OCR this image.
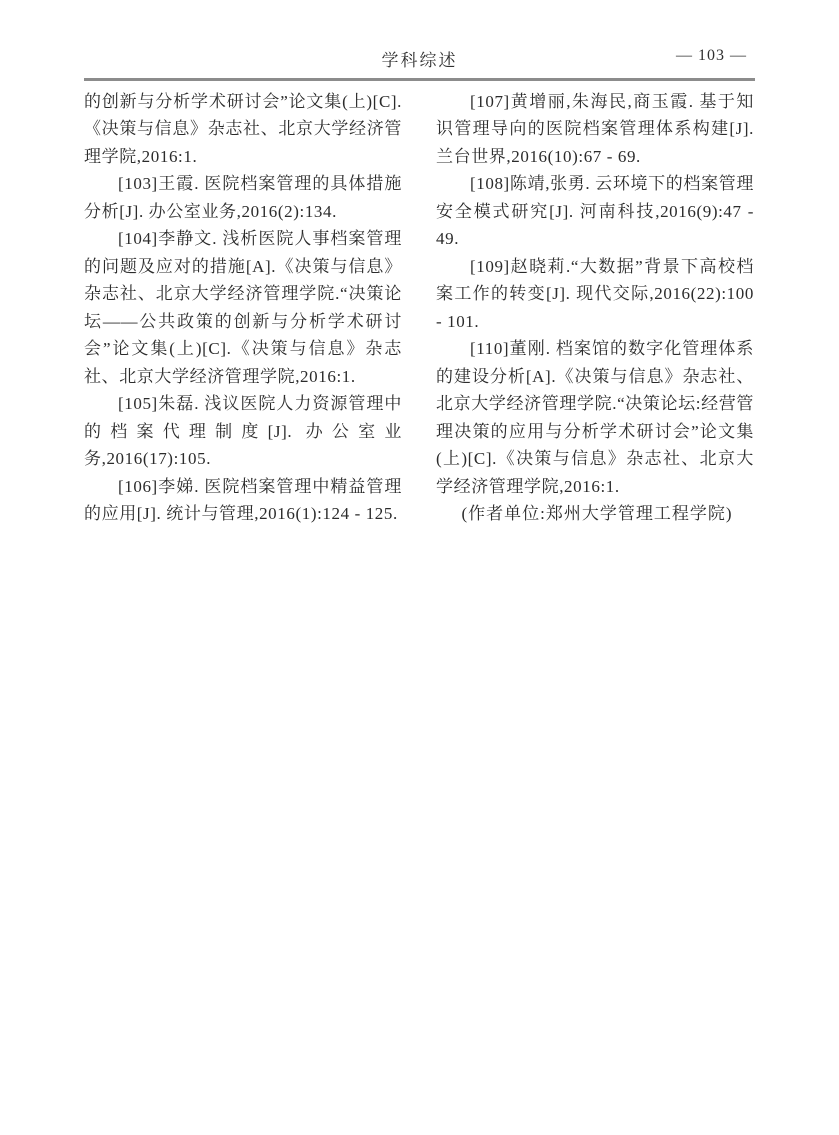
学科综述	— 103 —

的创新与分析学术研讨会”论文集(上)[C].《决策与信息》杂志社、北京大学经济管理学院,2016:1.

[103]王霞. 医院档案管理的具体措施分析[J]. 办公室业务,2016(2):134.

[104]李静文. 浅析医院人事档案管理的问题及应对的措施[A].《决策与信息》杂志社、北京大学经济管理学院.“决策论坛——公共政策的创新与分析学术研讨会”论文集(上)[C].《决策与信息》杂志社、北京大学经济管理学院,2016:1.

[105]朱磊. 浅议医院人力资源管理中的档案代理制度[J]. 办公室业务,2016(17):105.

[106]李娣. 医院档案管理中精益管理的应用[J]. 统计与管理,2016(1):124 - 125.

[107]黄增丽,朱海民,商玉霞. 基于知识管理导向的医院档案管理体系构建[J]. 兰台世界,2016(10):67 - 69.

[108]陈靖,张勇. 云环境下的档案管理安全模式研究[J]. 河南科技,2016(9):47 - 49.

[109]赵晓莉.“大数据”背景下高校档案工作的转变[J]. 现代交际,2016(22):100 - 101.

[110]董刚. 档案馆的数字化管理体系的建设分析[A].《决策与信息》杂志社、北京大学经济管理学院.“决策论坛:经营管理决策的应用与分析学术研讨会”论文集(上)[C].《决策与信息》杂志社、北京大学经济管理学院,2016:1.

(作者单位:郑州大学管理工程学院)
